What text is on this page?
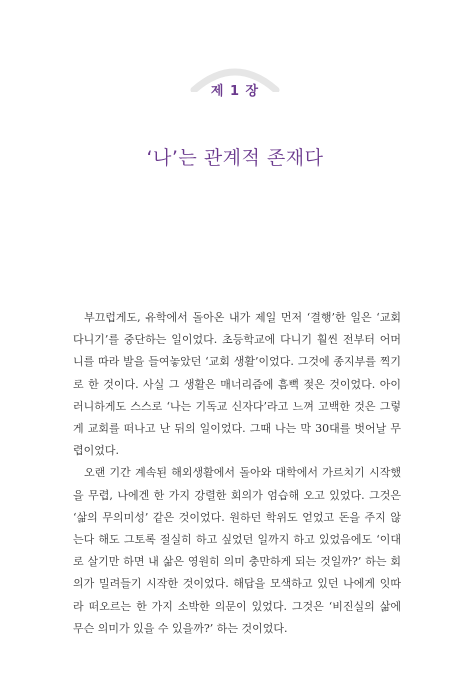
제 1 장
‘나’는 관계적 존재다

부끄럽게도, 유학에서 돌아온 내가 제일 먼저 ‘결행’한 일은 ‘교회 다니기’를 중단하는 일이었다. 초등학교에 다니기 훨씬 전부터 어머니를 따라 발을 들여놓았던 ‘교회 생활’이었다. 그것에 종지부를 찍기로 한 것이다. 사실 그 생활은 매너리즘에 흠뻑 젖은 것이었다. 아이러니하게도 스스로 ‘나는 기독교 신자다’라고 느껴 고백한 것은 그렇게 교회를 떠나고 난 뒤의 일이었다. 그때 나는 막 30대를 벗어날 무렵이었다.

오랜 기간 계속된 해외생활에서 돌아와 대학에서 가르치기 시작했을 무렵, 나에겐 한 가지 강렬한 회의가 엄습해 오고 있었다. 그것은 ‘삶의 무의미성’ 같은 것이었다. 원하던 학위도 얻었고 돈을 주지 않는다 해도 그토록 절실히 하고 싶었던 일까지 하고 있었음에도 ‘이대로 살기만 하면 내 삶은 영원히 의미 충만하게 되는 것일까?’ 하는 회의가 밀려들기 시작한 것이었다. 해답을 모색하고 있던 나에게 잇따라 떠오르는 한 가지 소박한 의문이 있었다. 그것은 ‘비진실의 삶에 무슨 의미가 있을 수 있을까?’ 하는 것이었다.
